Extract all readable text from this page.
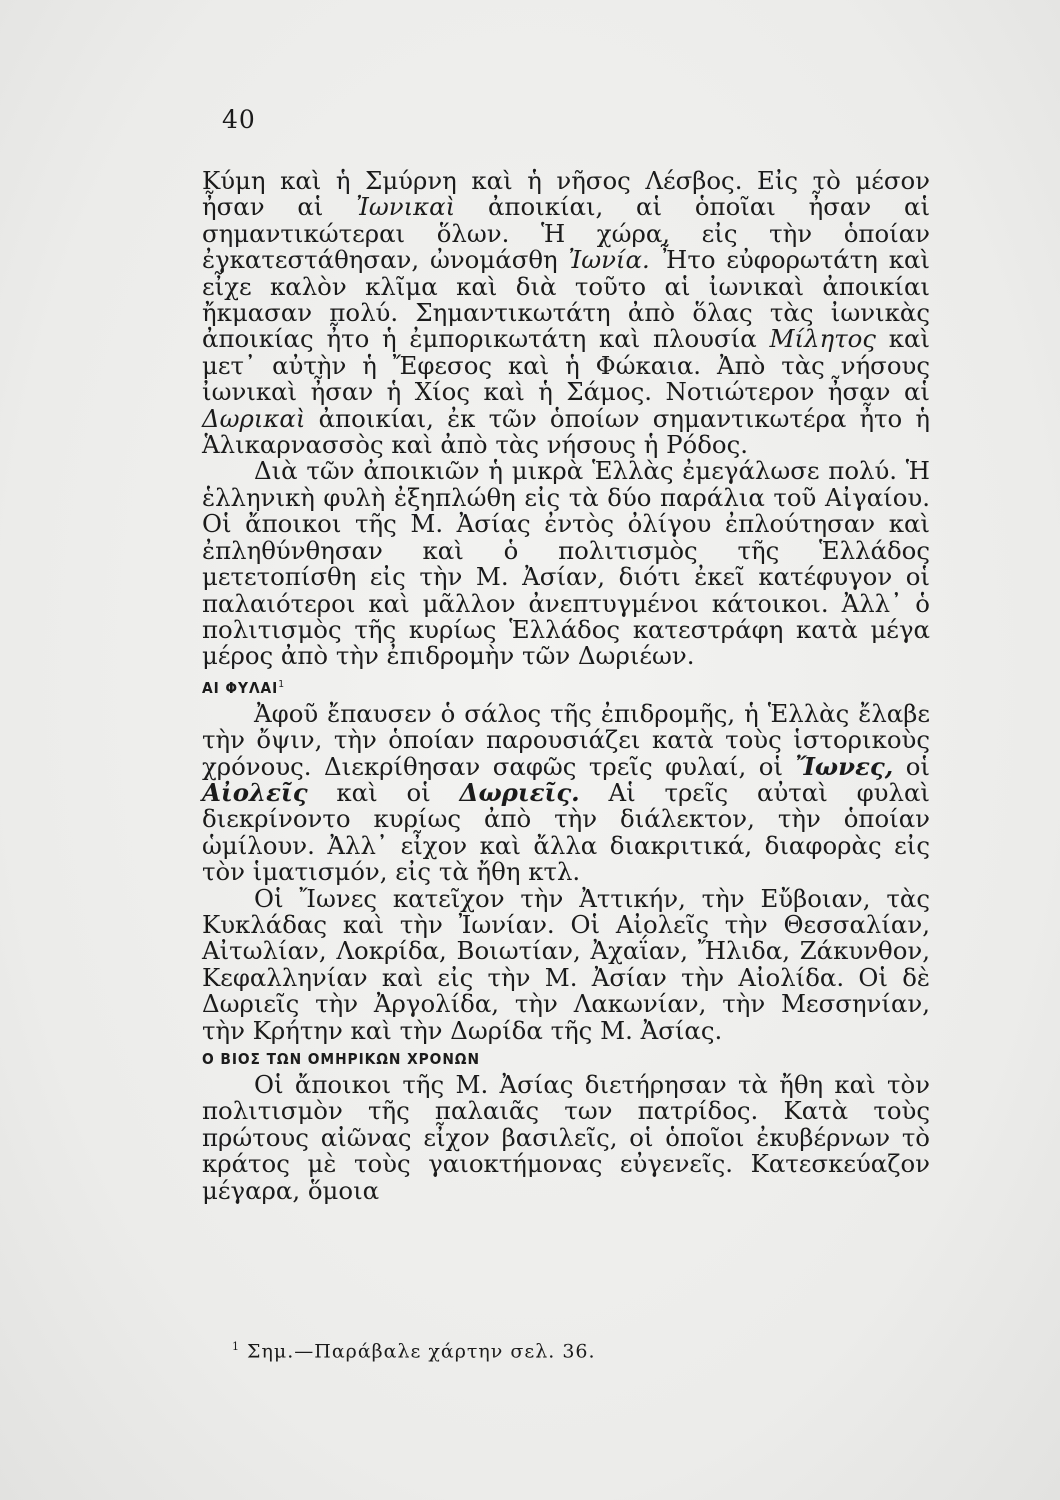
40

Κύμη καὶ ἡ Σμύρνη καὶ ἡ νῆσος Λέσβος. Εἰς τὸ μέσον ἦσαν αἱ Ἰωνικαὶ ἀποικίαι, αἱ ὁποῖαι ἦσαν αἱ σημαντικώτεραι ὅλων. Ἡ χώρα, εἰς τὴν ὁποίαν ἐγκατεστάθησαν, ὠνομάσθη Ἰωνία. Ἦτο εὐφορωτάτη καὶ εἶχε καλὸν κλῖμα καὶ διὰ τοῦτο αἱ ἰωνικαὶ ἀποικίαι ἤκμασαν πολύ. Σημαντικωτάτη ἀπὸ ὅλας τὰς ἰωνικὰς ἀποικίας ἦτο ἡ ἐμπορικωτάτη καὶ πλουσία Μίλητος καὶ μετ᾿ αὐτὴν ἡ Ἔφεσος καὶ ἡ Φώκαια. Ἀπὸ τὰς νήσους ἰωνικαὶ ἦσαν ἡ Χίος καὶ ἡ Σάμος. Νοτιώτερον ἦσαν αἱ Δωρικαὶ ἀποικίαι, ἐκ τῶν ὁποίων σημαντικωτέρα ἦτο ἡ Ἁλικαρνασσὸς καὶ ἀπὸ τὰς νήσους ἡ Ρόδος.

Διὰ τῶν ἀποικιῶν ἡ μικρὰ Ἑλλὰς ἐμεγάλωσε πολύ. Ἡ ἑλληνικὴ φυλὴ ἐξηπλώθη εἰς τὰ δύο παράλια τοῦ Αἰγαίου. Οἱ ἄποικοι τῆς Μ. Ἀσίας ἐντὸς ὀλίγου ἐπλούτησαν καὶ ἐπληθύνθησαν καὶ ὁ πολιτισμὸς τῆς Ἑλλάδος μετετοπίσθη εἰς τὴν Μ. Ἀσίαν, διότι ἐκεῖ κατέφυγον οἱ παλαιότεροι καὶ μᾶλλον ἀνεπτυγμένοι κάτοικοι. Ἀλλ᾿ ὁ πολιτισμὸς τῆς κυρίως Ἑλλάδος κατεστράφη κατὰ μέγα μέρος ἀπὸ τὴν ἐπιδρομὴν τῶν Δωριέων.

ΑΙ ΦΥΛΑΙ$^1$

Ἀφοῦ ἔπαυσεν ὁ σάλος τῆς ἐπιδρομῆς, ἡ Ἑλλὰς ἔλαβε τὴν ὄψιν, τὴν ὁποίαν παρουσιάζει κατὰ τοὺς ἱστορικοὺς χρόνους. Διεκρίθησαν σαφῶς τρεῖς φυλαί, οἱ Ἴωνες, οἱ Αἰολεῖς καὶ οἱ Δωριεῖς. Αἱ τρεῖς αὐταὶ φυλαὶ διεκρίνοντο κυρίως ἀπὸ τὴν διάλεκτον, τὴν ὁποίαν ὡμίλουν. Ἀλλ᾿ εἶχον καὶ ἄλλα διακριτικά, διαφορὰς εἰς τὸν ἱματισμόν, εἰς τὰ ἤθη κτλ.

Οἱ Ἴωνες κατεῖχον τὴν Ἀττικήν, τὴν Εὔβοιαν, τὰς Κυκλάδας καὶ τὴν Ἰωνίαν. Οἱ Αἰολεῖς τὴν Θεσσαλίαν, Αἰτωλίαν, Λοκρίδα, Βοιωτίαν, Ἀχαΐαν, Ἤλιδα, Ζάκυνθον, Κεφαλληνίαν καὶ εἰς τὴν Μ. Ἀσίαν τὴν Αἰολίδα. Οἱ δὲ Δωριεῖς τὴν Ἀργολίδα, τὴν Λακωνίαν, τὴν Μεσσηνίαν, τὴν Κρήτην καὶ τὴν Δωρίδα τῆς Μ. Ἀσίας.

Ο ΒΙΟΣ ΤΩΝ ΟΜΗΡΙΚΩΝ ΧΡΟΝΩΝ

Οἱ ἄποικοι τῆς Μ. Ἀσίας διετήρησαν τὰ ἤθη καὶ τὸν πολιτισμὸν τῆς παλαιᾶς των πατρίδος. Κατὰ τοὺς πρώτους αἰῶνας εἶχον βασιλεῖς, οἱ ὁποῖοι ἐκυβέρνων τὸ κράτος μὲ τοὺς γαιοκτήμονας εὐγενεῖς. Κατεσκεύαζον μέγαρα, ὅμοια

$^1$ Σημ.—Παράβαλε χάρτην σελ. 36.
